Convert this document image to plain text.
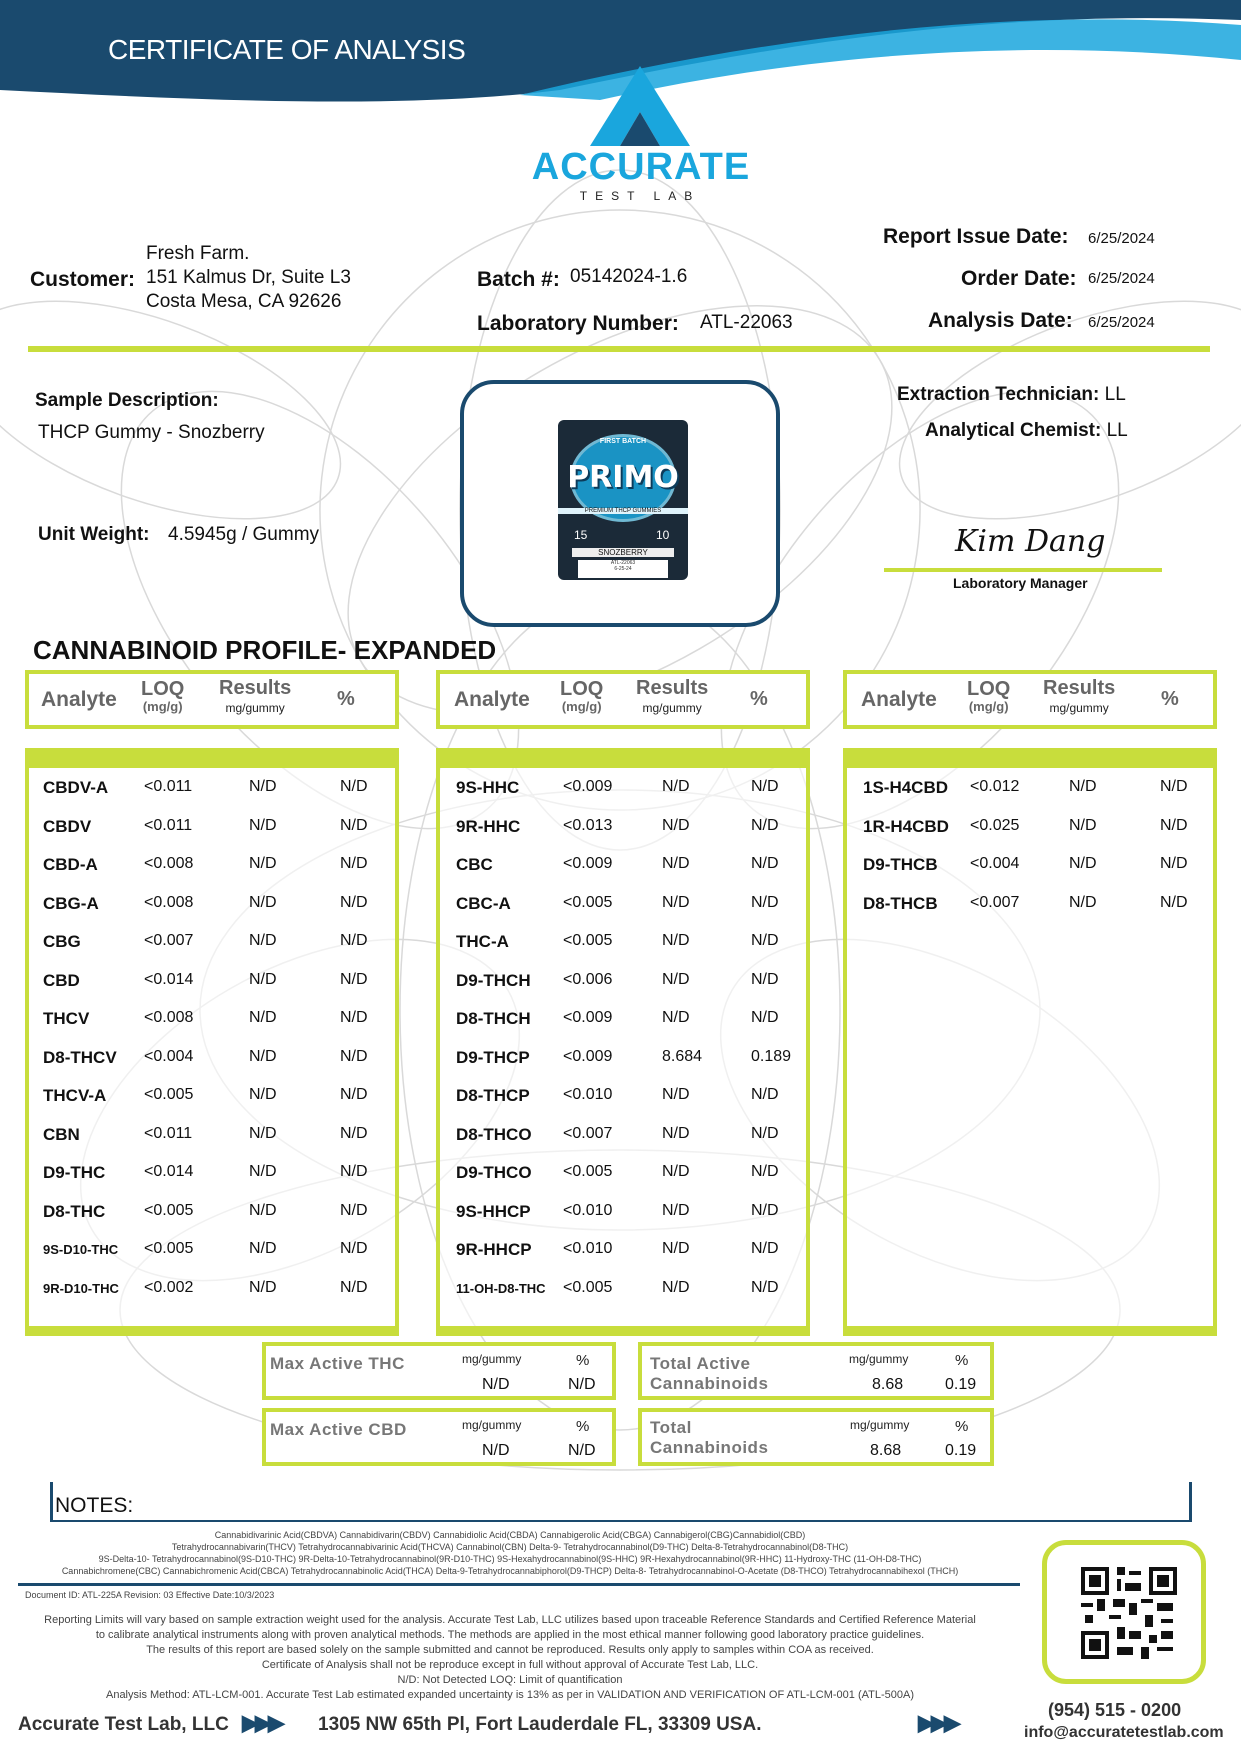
CERTIFICATE OF ANALYSIS
ACCURATE
TEST LAB
Customer:
Fresh Farm.
151 Kalmus Dr, Suite L3
Costa Mesa, CA 92626
Batch #: 05142024-1.6
Laboratory Number: ATL-22063
Report Issue Date: 6/25/2024
Order Date: 6/25/2024
Analysis Date: 6/25/2024
Sample Description:
THCP Gummy - Snozberry
Unit Weight: 4.5945g / Gummy
FIRST BATCH
PRIMO
PREMIUM THCP GUMMIES
15	10
SNOZBERRY
ATL-22063
6-25-24
Extraction Technician: LL
Analytical Chemist: LL
Kim Dang
Laboratory Manager
CANNABINOID PROFILE- EXPANDED
Analyte LOQ
(mg/g)
Results
mg/gummy	%
CBDV-A <0.011	N/D	N/D
CBDV	<0.011	N/D	N/D
CBD-A	<0.008	N/D	N/D
CBG-A	<0.008	N/D	N/D
CBG	<0.007	N/D	N/D
CBD	<0.014	N/D	N/D
THCV	<0.008	N/D	N/D
D8-THCV <0.004	N/D	N/D
THCV-A <0.005	N/D	N/D
CBN	<0.011	N/D	N/D
D9-THC <0.014	N/D	N/D
D8-THC <0.005	N/D	N/D
9S-D10-THC <0.005	N/D	N/D
9R-D10-THC <0.002	N/D	N/D
Analyte LOQ
(mg/g)
Results
mg/gummy	%
9S-HHC	<0.009	N/D	N/D
9R-HHC	<0.013	N/D	N/D
CBC	<0.009	N/D	N/D
CBC-A	<0.005	N/D	N/D
THC-A	<0.005	N/D	N/D
D9-THCH <0.006	N/D	N/D
D8-THCH <0.009	N/D	N/D
D9-THCP <0.009	8.684	0.189
D8-THCP <0.010	N/D	N/D
D8-THCO <0.007	N/D	N/D
D9-THCO <0.005	N/D	N/D
9S-HHCP <0.010	N/D	N/D
9R-HHCP <0.010	N/D	N/D
11-OH-D8-THC <0.005	N/D	N/D
Analyte LOQ
(mg/g)
Results
mg/gummy	%
1S-H4CBD <0.012	N/D	N/D
1R-H4CBD <0.025	N/D	N/D
D9-THCB <0.004	N/D	N/D
D8-THCB <0.007	N/D	N/D
Max Active THC	mg/gummy	%
N/D	N/D
Max Active CBD	mg/gummy	%
N/D	N/D
Total Active
Cannabinoids
mg/gummy	%
8.68	0.19
Total
Cannabinoids
mg/gummy	%
8.68	0.19
NOTES:
Cannabidivarinic Acid(CBDVA) Cannabidivarin(CBDV) Cannabidiolic Acid(CBDA) Cannabigerolic Acid(CBGA) Cannabigerol(CBG)Cannabidiol(CBD)
Tetrahydrocannabivarin(THCV) Tetrahydrocannabivarinic Acid(THCVA) Cannabinol(CBN) Delta-9- Tetrahydrocannabinol(D9-THC) Delta-8-Tetrahydrocannabinol(D8-THC)
9S-Delta-10- Tetrahydrocannabinol(9S-D10-THC) 9R-Delta-10-Tetrahydrocannabinol(9R-D10-THC) 9S-Hexahydrocannabinol(9S-HHC) 9R-Hexahydrocannabinol(9R-HHC) 11-Hydroxy-THC (11-OH-D8-THC)
Cannabichromene(CBC) Cannabichromenic Acid(CBCA) Tetrahydrocannabinolic Acid(THCA) Delta-9-Tetrahydrocannabiphorol(D9-THCP) Delta-8- Tetrahydrocannabinol-O-Acetate (D8-THCO) Tetrahydrocannabihexol (THCH)
Document ID: ATL-225A Revision: 03 Effective Date:10/3/2023
Reporting Limits will vary based on sample extraction weight used for the analysis. Accurate Test Lab, LLC utilizes based upon traceable Reference Standards and Certified Reference Material
to calibrate analytical instruments along with proven analytical methods. The methods are applied in the most ethical manner following good laboratory practice guidelines.
The results of this report are based solely on the sample submitted and cannot be reproduced. Results only apply to samples within COA as received.
Certificate of Analysis shall not be reproduce except in full without approval of Accurate Test Lab, LLC.
N/D: Not Detected LOQ: Limit of quantification
Analysis Method: ATL-LCM-001. Accurate Test Lab estimated expanded uncertainty is 13% as per in VALIDATION AND VERIFICATION OF ATL-LCM-001 (ATL-500A)
Accurate Test Lab, LLC ▶▶▶ 1305 NW 65th Pl, Fort Lauderdale FL, 33309 USA.	▶▶▶	(954) 515 - 0200
info@accuratetestlab.com
